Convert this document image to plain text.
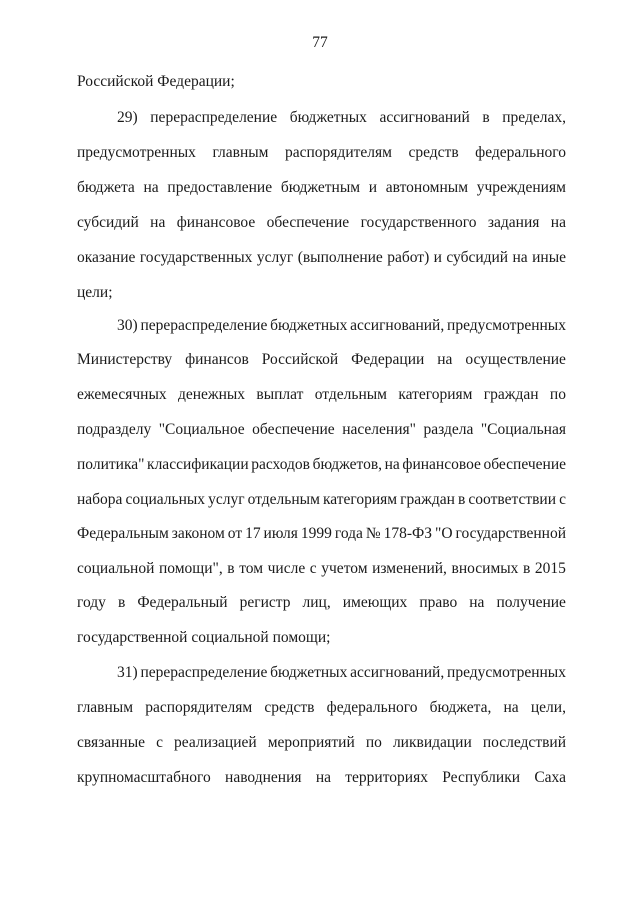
77
Российской Федерации;
29) перераспределение бюджетных ассигнований в пределах,
предусмотренных главным распорядителям средств федерального
бюджета на предоставление бюджетным и автономным учреждениям
субсидий на финансовое обеспечение государственного задания на
оказание государственных услуг (выполнение работ) и субсидий на иные
цели;
30) перераспределение бюджетных ассигнований, предусмотренных
Министерству финансов Российской Федерации на осуществление
ежемесячных денежных выплат отдельным категориям граждан по
подразделу "Социальное обеспечение населения" раздела "Социальная
политика" классификации расходов бюджетов, на финансовое обеспечение
набора социальных услуг отдельным категориям граждан в соответствии с
Федеральным законом от 17 июля 1999 года № 178-ФЗ "О государственной
социальной помощи", в том числе с учетом изменений, вносимых в 2015
году в Федеральный регистр лиц, имеющих право на получение
государственной социальной помощи;
31) перераспределение бюджетных ассигнований, предусмотренных
главным распорядителям средств федерального бюджета, на цели,
связанные с реализацией мероприятий по ликвидации последствий
крупномасштабного наводнения на территориях Республики Саха
